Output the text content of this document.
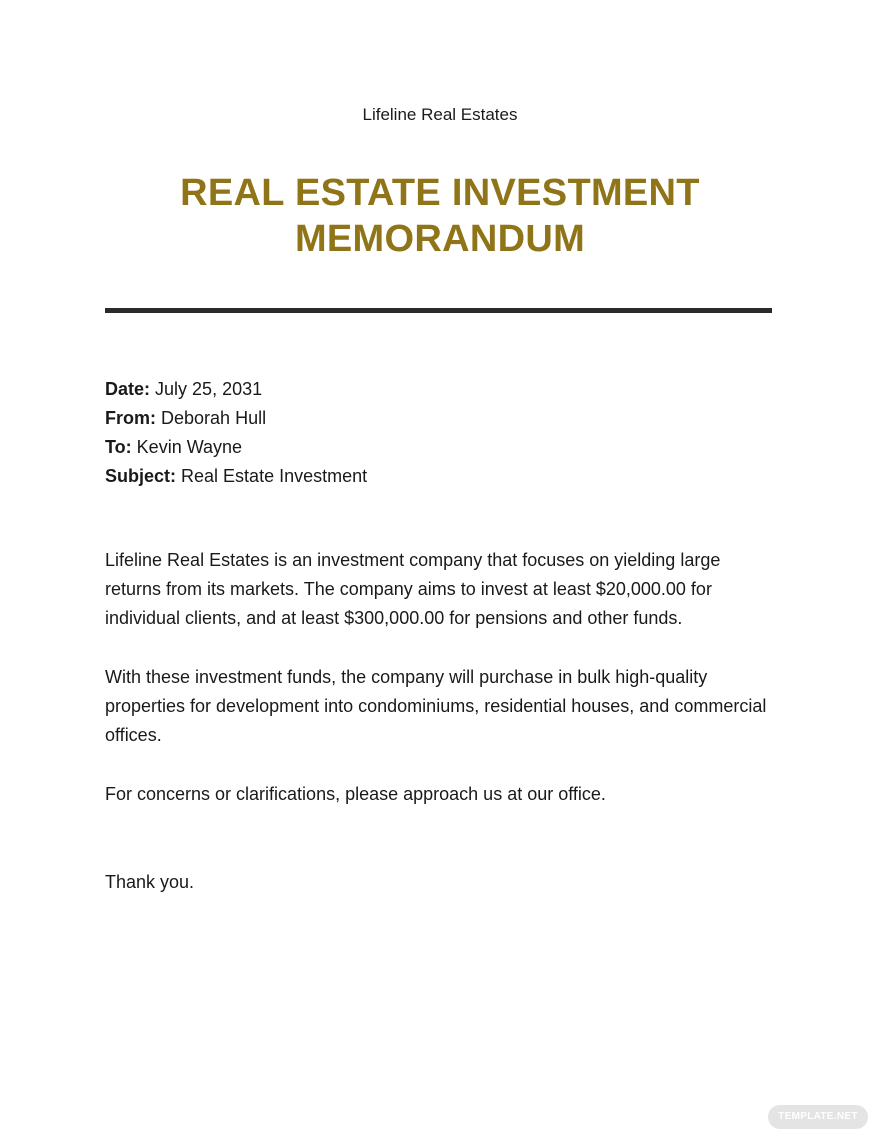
Lifeline Real Estates
REAL ESTATE INVESTMENT
MEMORANDUM
Date: July 25, 2031
From: Deborah Hull
To: Kevin Wayne
Subject: Real Estate Investment

Lifeline Real Estates is an investment company that focuses on yielding large returns from its markets. The company aims to invest at least $20,000.00 for individual clients, and at least $300,000.00 for pensions and other funds.

With these investment funds, the company will purchase in bulk high-quality properties for development into condominiums, residential houses, and commercial offices.

For concerns or clarifications, please approach us at our office.

Thank you.

TEMPLATE.NET
